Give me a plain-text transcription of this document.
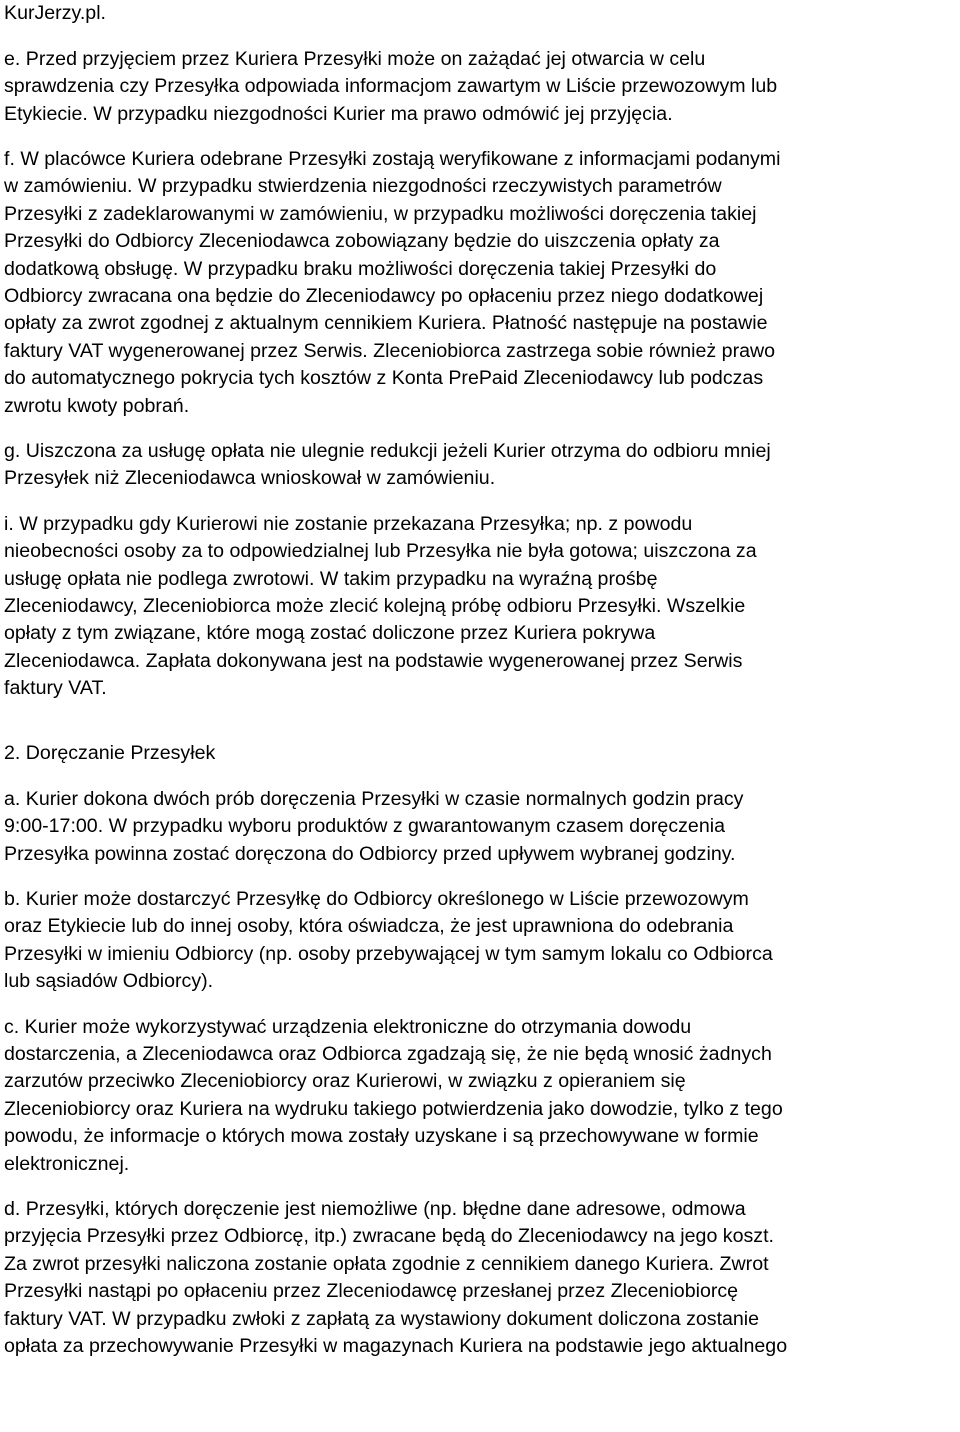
KurJerzy.pl.
e. Przed przyjęciem przez Kuriera Przesyłki może on zażądać jej otwarcia w celu
sprawdzenia czy Przesyłka odpowiada informacjom zawartym w Liście przewozowym lub
Etykiecie. W przypadku niezgodności Kurier ma prawo odmówić jej przyjęcia.
f. W placówce Kuriera odebrane Przesyłki zostają weryfikowane z informacjami podanymi
w zamówieniu. W przypadku stwierdzenia niezgodności rzeczywistych parametrów
Przesyłki z zadeklarowanymi w zamówieniu, w przypadku możliwości doręczenia takiej
Przesyłki do Odbiorcy Zleceniodawca zobowiązany będzie do uiszczenia opłaty za
dodatkową obsługę. W przypadku braku możliwości doręczenia takiej Przesyłki do
Odbiorcy zwracana ona będzie do Zleceniodawcy po opłaceniu przez niego dodatkowej
opłaty za zwrot zgodnej z aktualnym cennikiem Kuriera. Płatność następuje na postawie
faktury VAT wygenerowanej przez Serwis. Zleceniobiorca zastrzega sobie również prawo
do automatycznego pokrycia tych kosztów z Konta PrePaid Zleceniodawcy lub podczas
zwrotu kwoty pobrań.
g. Uiszczona za usługę opłata nie ulegnie redukcji jeżeli Kurier otrzyma do odbioru mniej
Przesyłek niż Zleceniodawca wnioskował w zamówieniu.
i. W przypadku gdy Kurierowi nie zostanie przekazana Przesyłka; np. z powodu
nieobecności osoby za to odpowiedzialnej lub Przesyłka nie była gotowa; uiszczona za
usługę opłata nie podlega zwrotowi. W takim przypadku na wyraźną prośbę
Zleceniodawcy, Zleceniobiorca może zlecić kolejną próbę odbioru Przesyłki. Wszelkie
opłaty z tym związane, które mogą zostać doliczone przez Kuriera pokrywa
Zleceniodawca. Zapłata dokonywana jest na podstawie wygenerowanej przez Serwis
faktury VAT.
2. Doręczanie Przesyłek
a. Kurier dokona dwóch prób doręczenia Przesyłki w czasie normalnych godzin pracy
9:00-17:00. W przypadku wyboru produktów z gwarantowanym czasem doręczenia
Przesyłka powinna zostać doręczona do Odbiorcy przed upływem wybranej godziny.
b. Kurier może dostarczyć Przesyłkę do Odbiorcy określonego w Liście przewozowym
oraz Etykiecie lub do innej osoby, która oświadcza, że jest uprawniona do odebrania
Przesyłki w imieniu Odbiorcy (np. osoby przebywającej w tym samym lokalu co Odbiorca
lub sąsiadów Odbiorcy).
c. Kurier może wykorzystywać urządzenia elektroniczne do otrzymania dowodu
dostarczenia, a Zleceniodawca oraz Odbiorca zgadzają się, że nie będą wnosić żadnych
zarzutów przeciwko Zleceniobiorcy oraz Kurierowi, w związku z opieraniem się
Zleceniobiorcy oraz Kuriera na wydruku takiego potwierdzenia jako dowodzie, tylko z tego
powodu, że informacje o których mowa zostały uzyskane i są przechowywane w formie
elektronicznej.
d. Przesyłki, których doręczenie jest niemożliwe (np. błędne dane adresowe, odmowa
przyjęcia Przesyłki przez Odbiorcę, itp.) zwracane będą do Zleceniodawcy na jego koszt.
Za zwrot przesyłki naliczona zostanie opłata zgodnie z cennikiem danego Kuriera. Zwrot
Przesyłki nastąpi po opłaceniu przez Zleceniodawcę przesłanej przez Zleceniobiorcę
faktury VAT. W przypadku zwłoki z zapłatą za wystawiony dokument doliczona zostanie
opłata za przechowywanie Przesyłki w magazynach Kuriera na podstawie jego aktualnego
